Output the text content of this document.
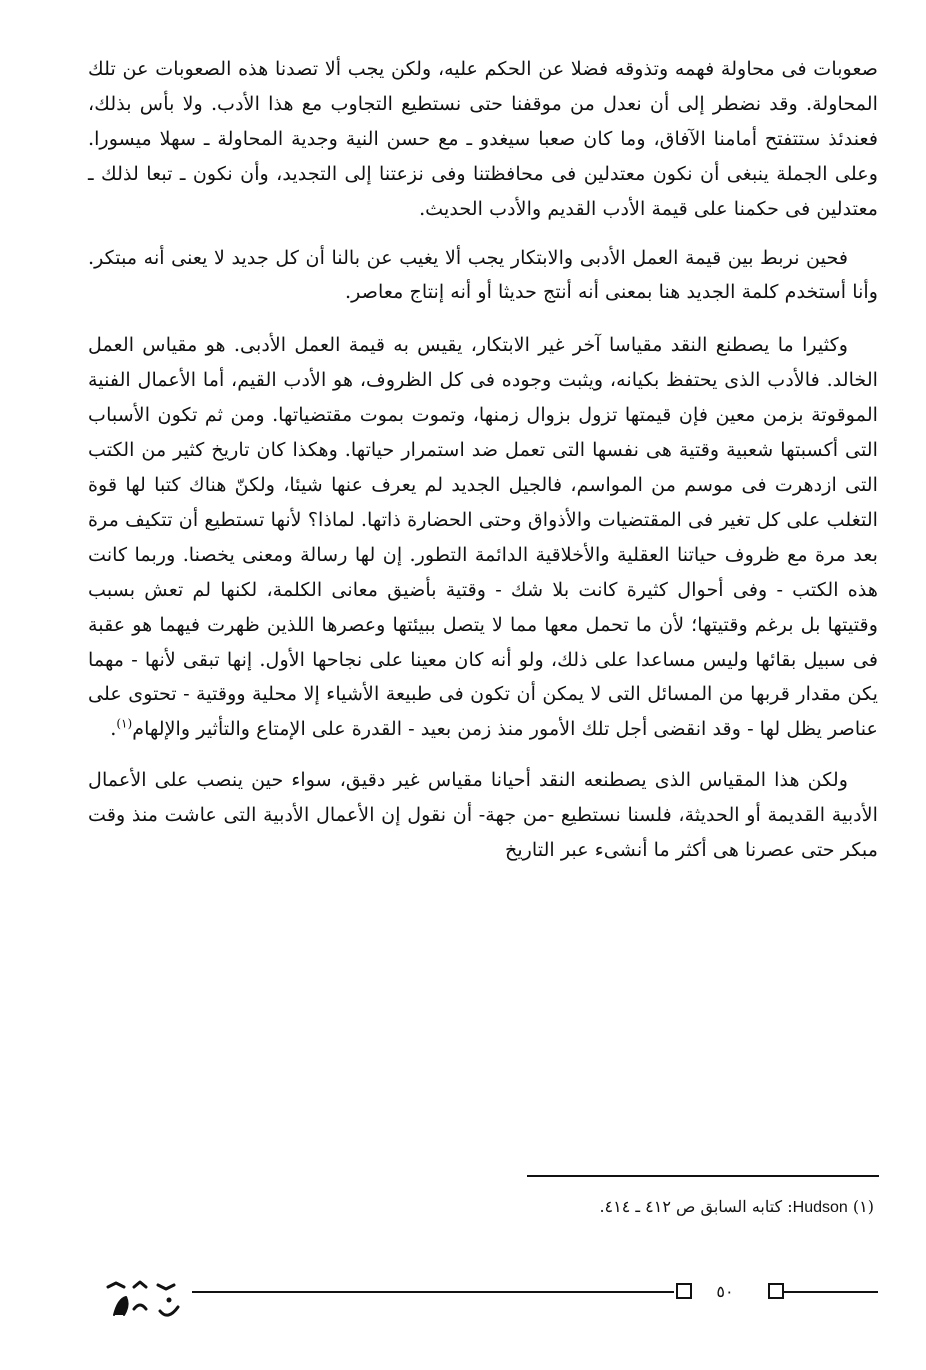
صعوبات فى محاولة فهمه وتذوقه فضلا عن الحكم عليه، ولكن يجب ألا تصدنا هذه الصعوبات عن تلك المحاولة. وقد نضطر إلى أن نعدل من موقفنا حتى نستطيع التجاوب مع هذا الأدب. ولا بأس بذلك، فعندئذ ستتفتح أمامنا الآفاق، وما كان صعبا سيغدو ـ مع حسن النية وجدية المحاولة ـ سهلا ميسورا. وعلى الجملة ينبغى أن نكون معتدلين فى محافظتنا وفى نزعتنا إلى التجديد، وأن نكون ـ تبعا لذلك ـ معتدلين فى حكمنا على قيمة الأدب القديم والأدب الحديث.

فحين نربط بين قيمة العمل الأدبى والابتكار يجب ألا يغيب عن بالنا أن كل جديد لا يعنى أنه مبتكر. وأنا أستخدم كلمة الجديد هنا بمعنى أنه أنتج حديثا أو أنه إنتاج معاصر.

وكثيرا ما يصطنع النقد مقياسا آخر غير الابتكار، يقيس به قيمة العمل الأدبى. هو مقياس العمل الخالد. فالأدب الذى يحتفظ بكيانه، ويثبت وجوده فى كل الظروف، هو الأدب القيم، أما الأعمال الفنية الموقوتة بزمن معين فإن قيمتها تزول بزوال زمنها، وتموت بموت مقتضياتها. ومن ثم تكون الأسباب التى أكسبتها شعبية وقتية هى نفسها التى تعمل ضد استمرار حياتها. وهكذا كان تاريخ كثير من الكتب التى ازدهرت فى موسم من المواسم، فالجيل الجديد لم يعرف عنها شيئا، ولكنّ هناك كتبا لها قوة التغلب على كل تغير فى المقتضيات والأذواق وحتى الحضارة ذاتها. لماذا؟ لأنها تستطيع أن تتكيف مرة بعد مرة مع ظروف حياتنا العقلية والأخلاقية الدائمة التطور. إن لها رسالة ومعنى يخصنا. وربما كانت هذه الكتب - وفى أحوال كثيرة كانت بلا شك - وقتية بأضيق معانى الكلمة، لكنها لم تعش بسبب وقتيتها بل برغم وقتيتها؛ لأن ما تحمل معها مما لا يتصل ببيئتها وعصرها اللذين ظهرت فيهما هو عقبة فى سبيل بقائها وليس مساعدا على ذلك، ولو أنه كان معينا على نجاحها الأول. إنها تبقى لأنها - مهما يكن مقدار قربها من المسائل التى لا يمكن أن تكون فى طبيعة الأشياء إلا محلية ووقتية - تحتوى على عناصر يظل لها - وقد انقضى أجل تلك الأمور منذ زمن بعيد - القدرة على الإمتاع والتأثير والإلهام$^{(١)}$.

ولكن هذا المقياس الذى يصطنعه النقد أحيانا مقياس غير دقيق، سواء حين ينصب على الأعمال الأدبية القديمة أو الحديثة، فلسنا نستطيع -من جهة- أن نقول إن الأعمال الأدبية التى عاشت منذ وقت مبكر حتى عصرنا هى أكثر ما أنشىء عبر التاريخ

(١) Hudson: كتابه السابق ص ٤١٢ ـ ٤١٤.
٥٠
